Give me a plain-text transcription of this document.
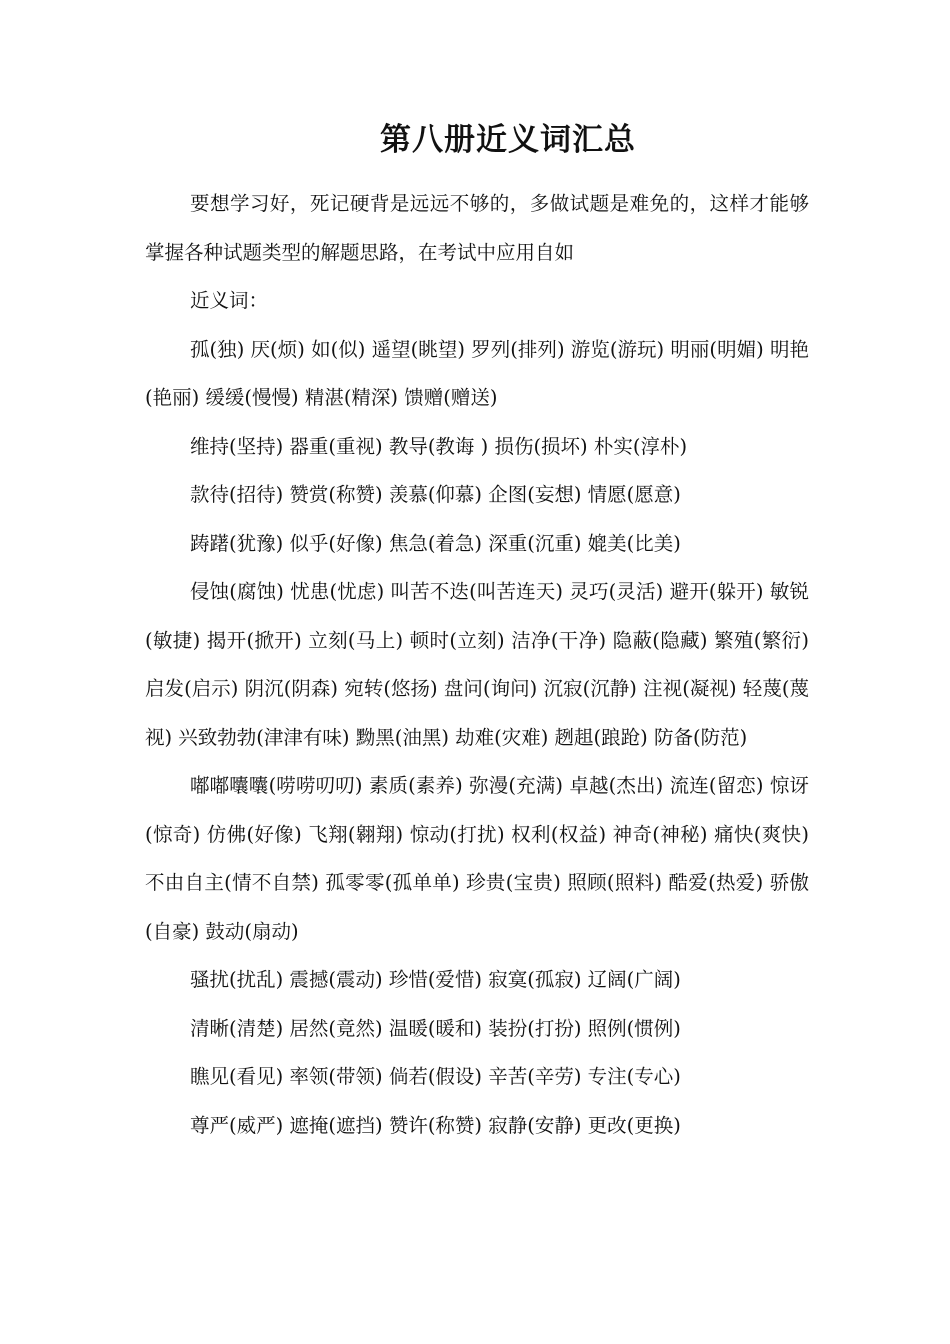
第八册近义词汇总

要想学习好，死记硬背是远远不够的，多做试题是难免的，这样才能够掌握各种试题类型的解题思路，在考试中应用自如

近义词：

孤(独) 厌(烦) 如(似) 遥望(眺望) 罗列(排列) 游览(游玩) 明丽(明媚) 明艳(艳丽) 缓缓(慢慢) 精湛(精深) 馈赠(赠送)

维持(坚持) 器重(重视) 教导(教诲 ) 损伤(损坏) 朴实(淳朴)

款待(招待) 赞赏(称赞) 羡慕(仰慕) 企图(妄想) 情愿(愿意)

踌躇(犹豫) 似乎(好像) 焦急(着急) 深重(沉重) 媲美(比美)

侵蚀(腐蚀) 忧患(忧虑) 叫苦不迭(叫苦连天) 灵巧(灵活) 避开(躲开) 敏锐(敏捷) 揭开(掀开) 立刻(马上) 顿时(立刻) 洁净(干净) 隐蔽(隐藏) 繁殖(繁衍) 启发(启示) 阴沉(阴森) 宛转(悠扬) 盘问(询问) 沉寂(沉静) 注视(凝视) 轻蔑(蔑视) 兴致勃勃(津津有味) 黝黑(油黑) 劫难(灾难) 趔趄(踉跄) 防备(防范)

嘟嘟囔囔(唠唠叨叨) 素质(素养) 弥漫(充满) 卓越(杰出) 流连(留恋) 惊讶(惊奇) 仿佛(好像) 飞翔(翱翔) 惊动(打扰) 权利(权益) 神奇(神秘) 痛快(爽快) 不由自主(情不自禁) 孤零零(孤单单) 珍贵(宝贵) 照顾(照料) 酷爱(热爱) 骄傲(自豪) 鼓动(扇动)

骚扰(扰乱) 震撼(震动) 珍惜(爱惜) 寂寞(孤寂) 辽阔(广阔)

清晰(清楚) 居然(竟然) 温暖(暖和) 装扮(打扮) 照例(惯例)

瞧见(看见) 率领(带领) 倘若(假设) 辛苦(辛劳) 专注(专心)

尊严(威严) 遮掩(遮挡) 赞许(称赞) 寂静(安静) 更改(更换)
